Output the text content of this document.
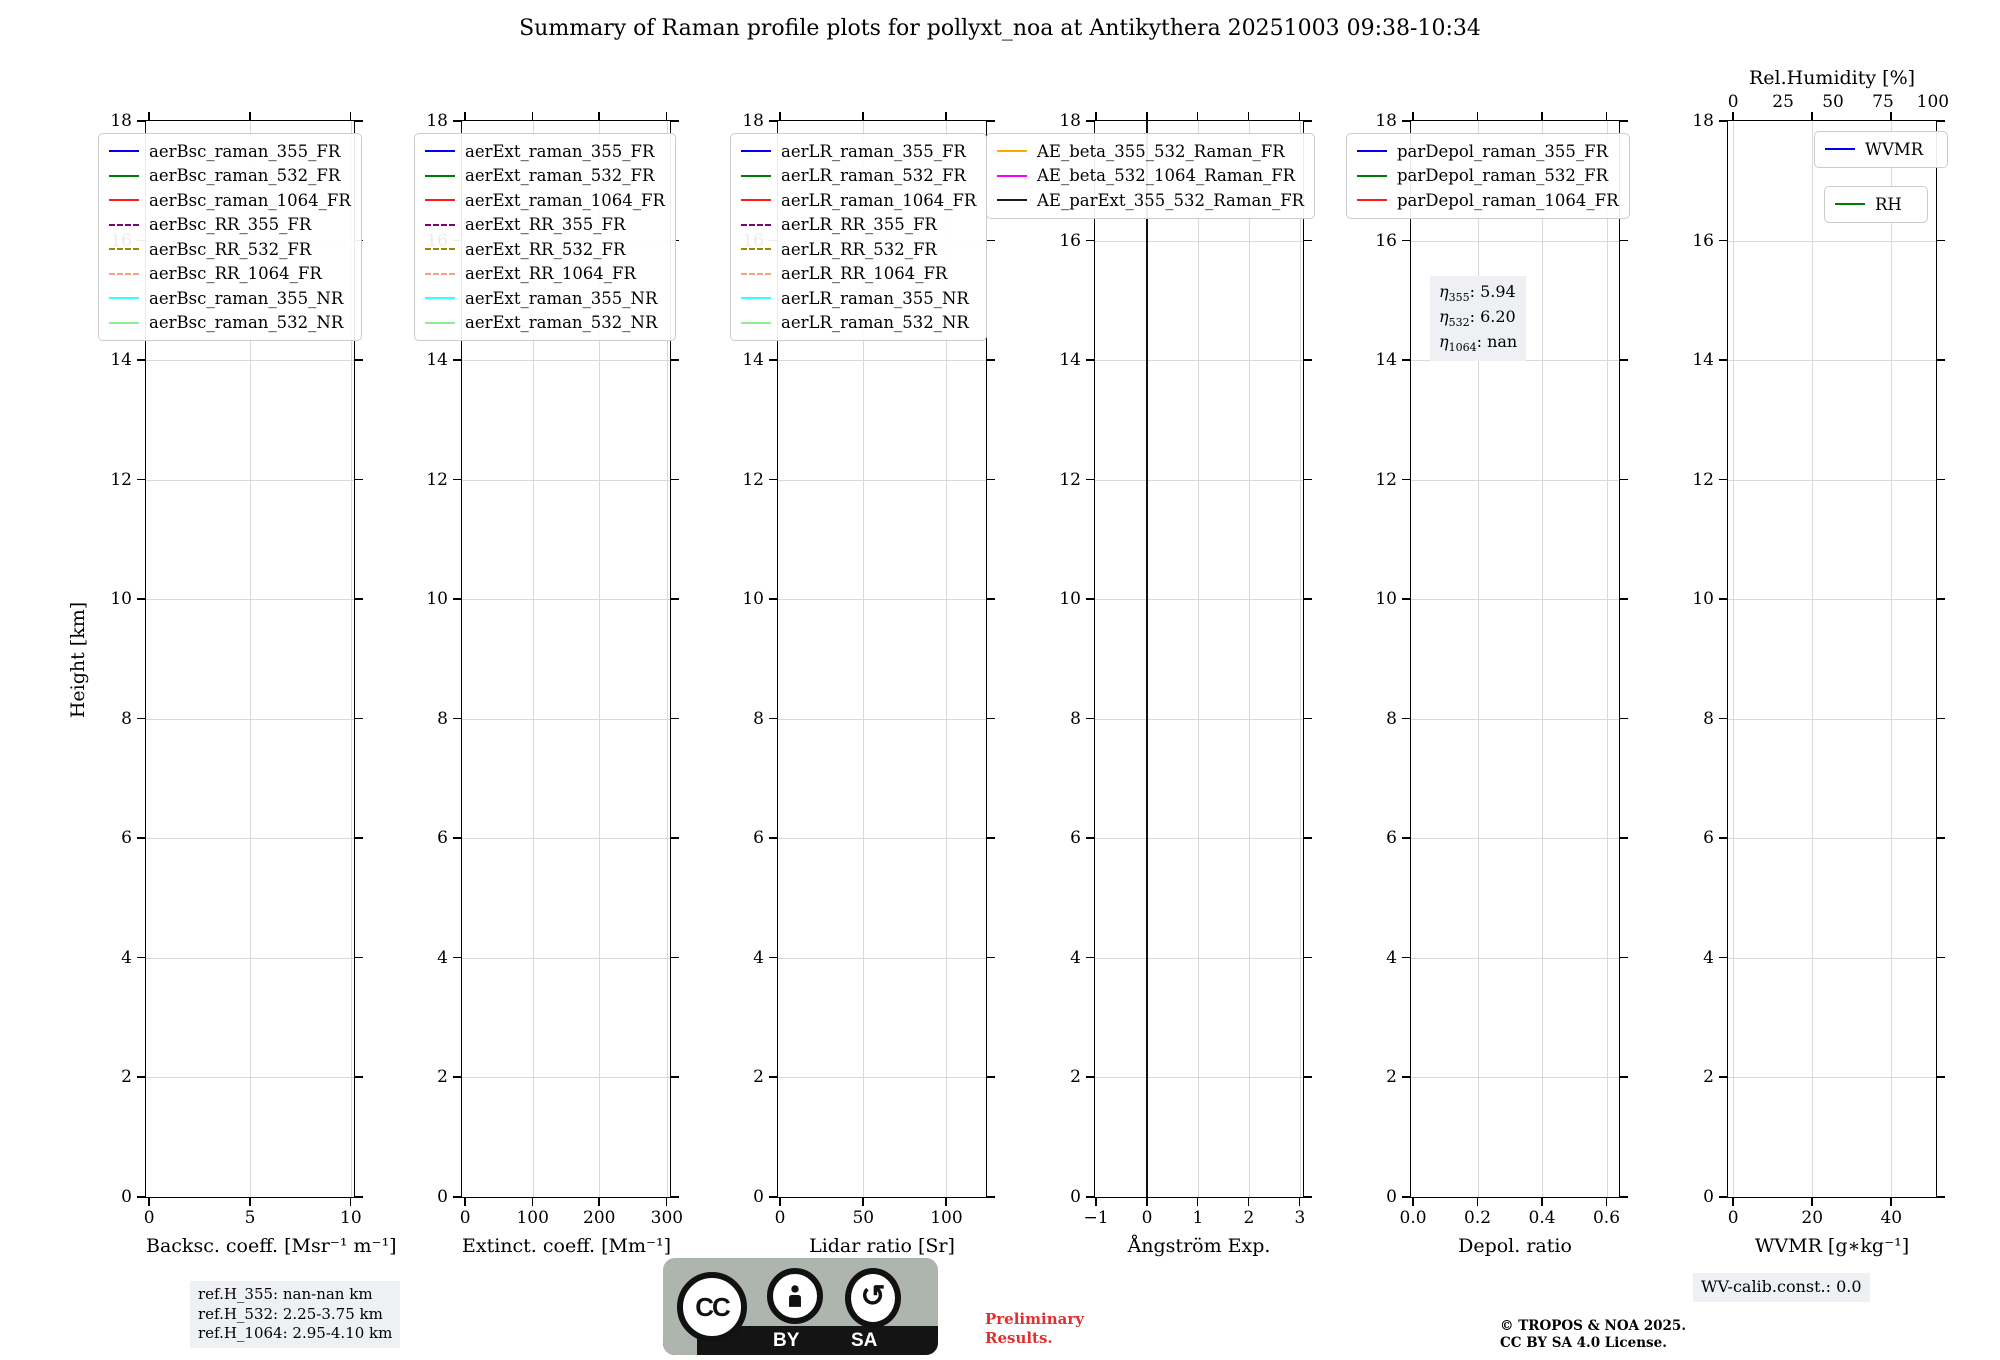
Summary of Raman profile plots for pollyxt_noa at Antikythera 20251003 09:38-10:34
Height [km]
0
2
4
6
8
10
12
14
18
0	5	10
Backsc. coeff. [Msr⁻¹ m⁻¹]
aerBsc_raman_355_FR
aerBsc_raman_532_FR
aerBsc_raman_1064_FR
aerBsc_RR_355_FR
aerBsc_RR_532_FR
aerBsc_RR_1064_FR
aerBsc_raman_355_NR
aerBsc_raman_532_NR
0
2
4
6
8
10
12
14
18
0	100 200 300
Extinct. coeff. [Mm⁻¹]
aerExt_raman_355_FR
aerExt_raman_532_FR
aerExt_raman_1064_FR
aerExt_RR_355_FR
aerExt_RR_532_FR
aerExt_RR_1064_FR
aerExt_raman_355_NR
aerExt_raman_532_NR
0
2
4
6
8
10
12
14
18
0	50	100
Lidar ratio [Sr]
aerLR_raman_355_FR
aerLR_raman_532_FR
aerLR_raman_1064_FR
aerLR_RR_355_FR
aerLR_RR_532_FR
aerLR_RR_1064_FR
aerLR_raman_355_NR
aerLR_raman_532_NR
0
2
4
6
8
10
12
14
16
18
−1 0 1 2 3
Ångström Exp.
AE_beta_355_532_Raman_FR
AE_beta_532_1064_Raman_FR
AE_parExt_355_532_Raman_FR
0
2
4
6
8
10
12
14
16
18
0.0 0.2 0.4 0.6
Depol. ratio
parDepol_raman_355_FR
parDepol_raman_532_FR
parDepol_raman_1064_FR
$\eta_{355}$: 5.94
$\eta_{532}$: 6.20
$\eta_{1064}$: nan
0
2
4
6
8
10
12
14
16
18
0	20	40
WVMR [g∗kg⁻¹]
0 25 50 75 100
Rel.Humidity [%]
WVMR
RH
ref.H_355: nan-nan km
ref.H_532: 2.25-3.75 km
ref.H_1064: 2.95-4.10 km
CC	↺
BY	SA
Preliminary Results.
© TROPOS & NOA 2025.
CC BY SA 4.0 License.
WV-calib.const.: 0.0
